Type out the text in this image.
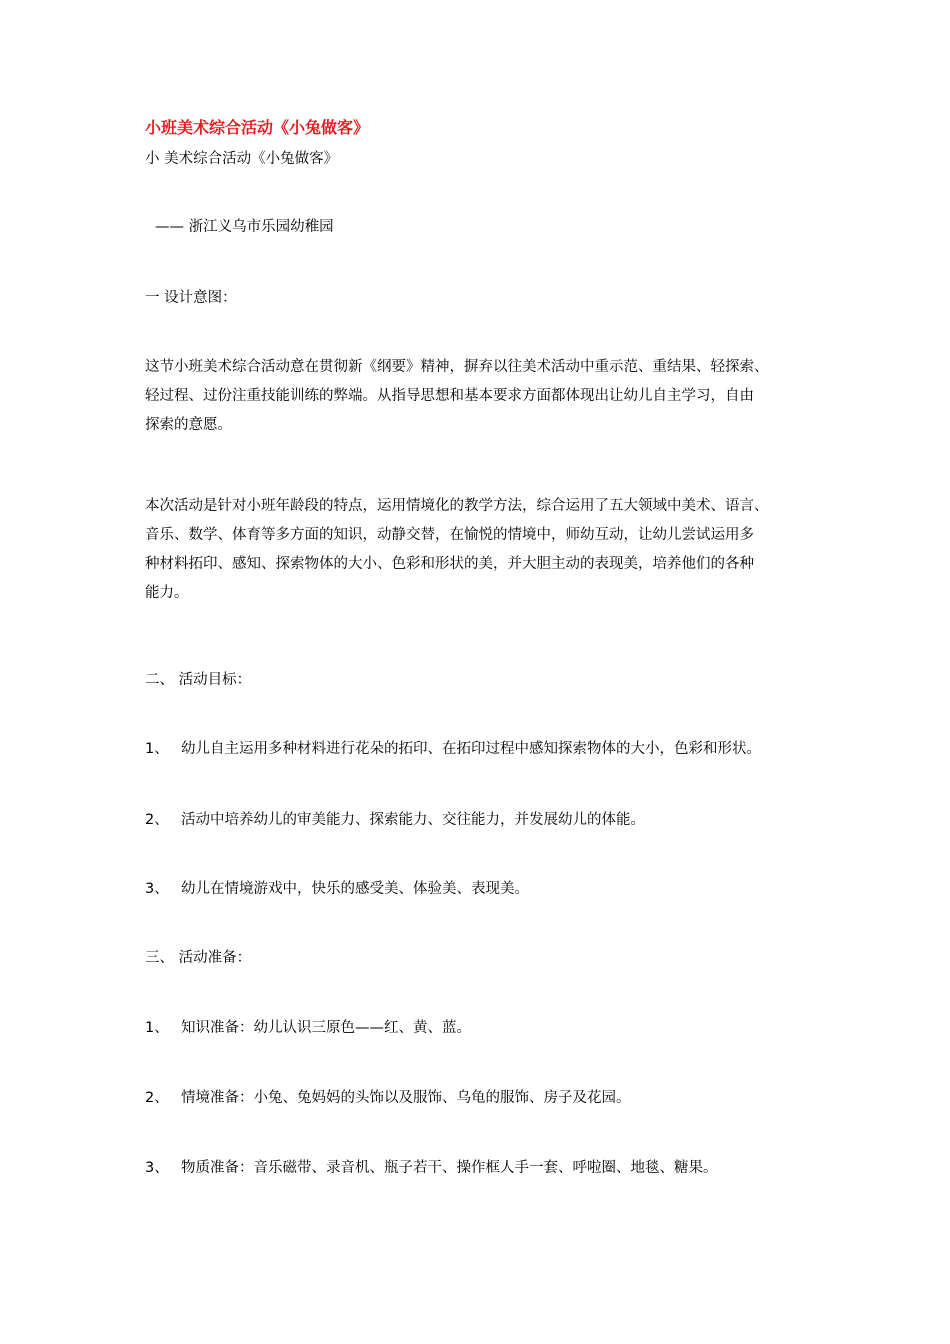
小班美术综合活动《小兔做客》

小 美术综合活动《小兔做客》

—— 浙江义乌市乐园幼稚园

一 设计意图：

这节小班美术综合活动意在贯彻新《纲要》精神，摒弃以往美术活动中重示范、重结果、轻探索、
轻过程、过份注重技能训练的弊端。从指导思想和基本要求方面都体现出让幼儿自主学习，自由
探索的意愿。
本次活动是针对小班年龄段的特点，运用情境化的教学方法，综合运用了五大领域中美术、语言、
音乐、数学、体育等多方面的知识，动静交替，在愉悦的情境中，师幼互动，让幼儿尝试运用多
种材料拓印、感知、探索物体的大小、色彩和形状的美，并大胆主动的表现美，培养他们的各种
能力。

二、 活动目标：

1、 幼儿自主运用多种材料进行花朵的拓印、在拓印过程中感知探索物体的大小，色彩和形状。

2、 活动中培养幼儿的审美能力、探索能力、交往能力，并发展幼儿的体能。

3、 幼儿在情境游戏中，快乐的感受美、体验美、表现美。

三、 活动准备：

1、 知识准备：幼儿认识三原色——红、黄、蓝。

2、 情境准备：小兔、兔妈妈的头饰以及服饰、乌龟的服饰、房子及花园。

3、 物质准备：音乐磁带、录音机、瓶子若干、操作框人手一套、呼啦圈、地毯、糖果。
